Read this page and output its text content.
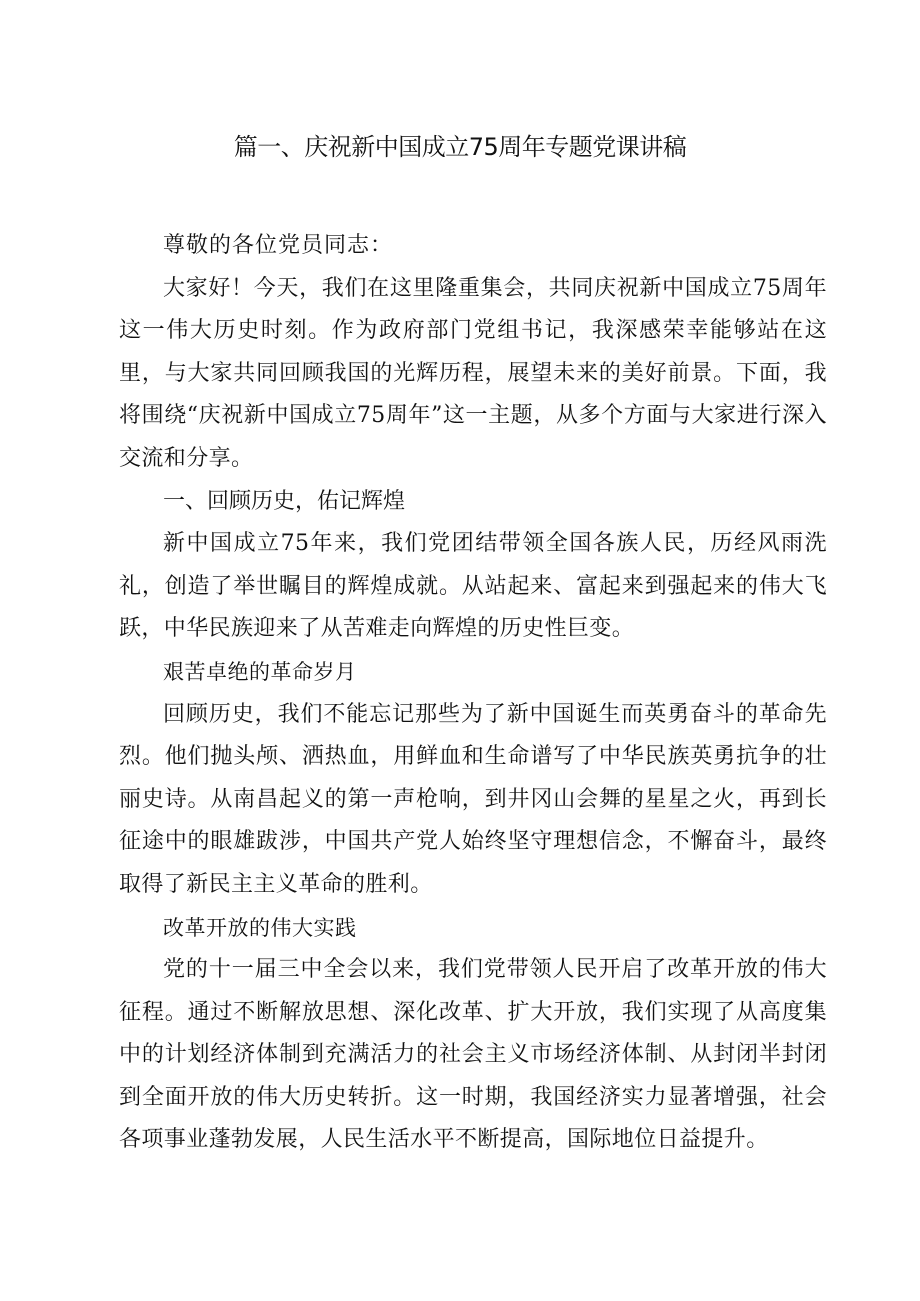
篇一、庆祝新中国成立75周年专题党课讲稿

尊敬的各位党员同志：

大家好！今天，我们在这里隆重集会，共同庆祝新中国成立75周年这一伟大历史时刻。作为政府部门党组书记，我深感荣幸能够站在这里，与大家共同回顾我国的光辉历程，展望未来的美好前景。下面，我将围绕“庆祝新中国成立75周年”这一主题，从多个方面与大家进行深入交流和分享。

一、回顾历史，佑记辉煌

新中国成立75年来，我们党团结带领全国各族人民，历经风雨洗礼，创造了举世瞩目的辉煌成就。从站起来、富起来到强起来的伟大飞跃，中华民族迎来了从苦难走向辉煌的历史性巨变。

艰苦卓绝的革命岁月

回顾历史，我们不能忘记那些为了新中国诞生而英勇奋斗的革命先烈。他们抛头颅、洒热血，用鲜血和生命谱写了中华民族英勇抗争的壮丽史诗。从南昌起义的第一声枪响，到井冈山会舞的星星之火，再到长征途中的眼雄跋涉，中国共产党人始终坚守理想信念，不懈奋斗，最终取得了新民主主义革命的胜利。

改革开放的伟大实践

党的十一届三中全会以来，我们党带领人民开启了改革开放的伟大征程。通过不断解放思想、深化改革、扩大开放，我们实现了从高度集中的计划经济体制到充满活力的社会主义市场经济体制、从封闭半封闭到全面开放的伟大历史转折。这一时期，我国经济实力显著增强，社会各项事业蓬勃发展，人民生活水平不断提高，国际地位日益提升。
